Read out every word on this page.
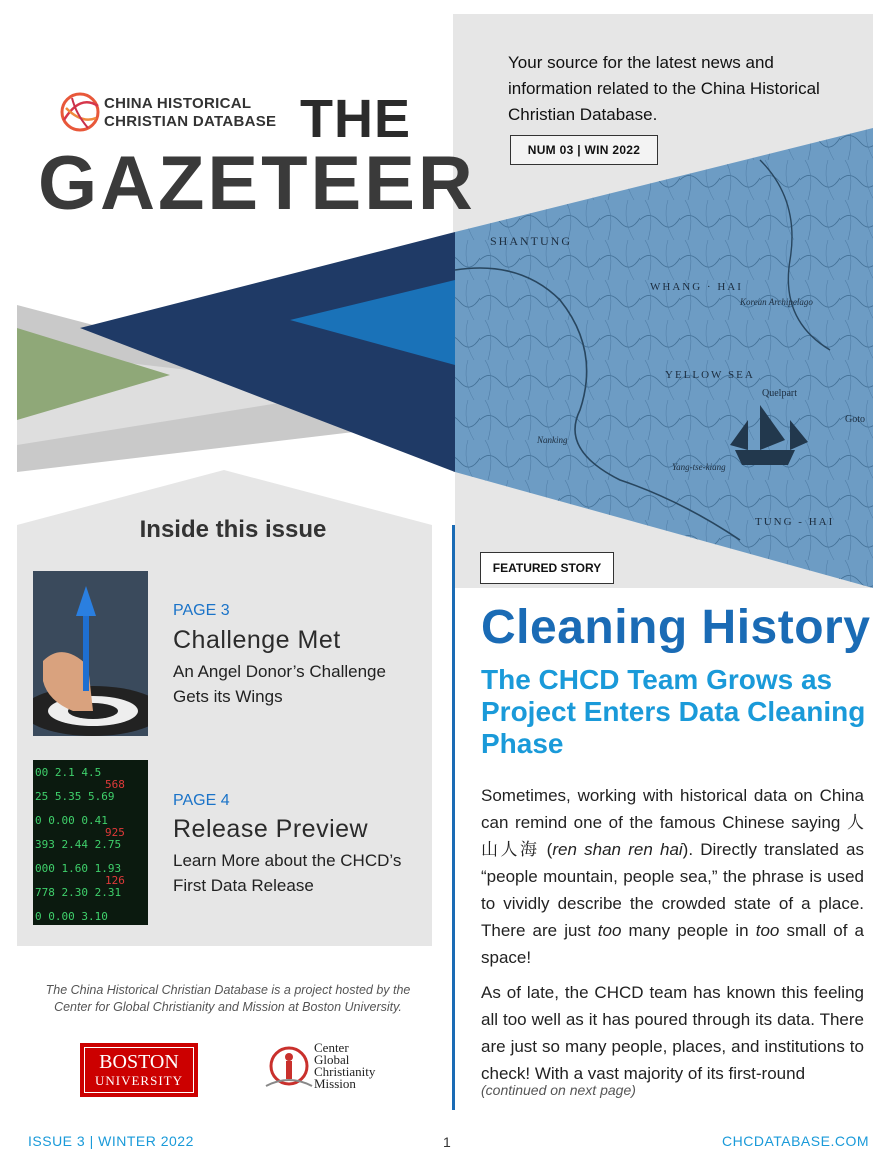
Your source for the latest news and information related to the China Historical Christian Database.
NUM 03 | WIN 2022
SHANTUNG
WHANG · HAI
YELLOW SEA
Korean Archipelago
Quelpart
Nanking
Yang-tse-kiang
TUNG - HAI
Goto
CHINA HISTORICAL
CHRISTIAN DATABASE THE
GAZETEER
Inside this issue
PAGE 3
Challenge Met
An Angel Donor’s Challenge
Gets its Wings
00 2.1 4.5
25 5.35 5.69
0 0.00 0.41
393 2.44 2.75
000 1.60 1.93
778 2.30 2.31
0 0.00 3.10
568
925
126
PAGE 4
Release Preview
Learn More about the CHCD’s
First Data Release
The China Historical Christian Database is a project hosted by the
Center for Global Christianity and Mission at Boston University.
BOSTON
UNIVERSITY
Center
Global
Christianity
Mission
FEATURED STORY
Cleaning History
The CHCD Team Grows as Project Enters Data Cleaning Phase
Sometimes, working with historical data on China can remind one of the famous Chinese saying 人山人海 (ren shan ren hai). Directly translated as “people mountain, people sea,” the phrase is used to vividly describe the crowded state of a place. There are just too many people in too small of a space!
As of late, the CHCD team has known this feeling all too well as it has poured through its data. There are just so many people, places, and institutions to check! With a vast majority of its first-round
(continued on next page)
ISSUE 3 | WINTER 2022	1	CHCDATABASE.COM
